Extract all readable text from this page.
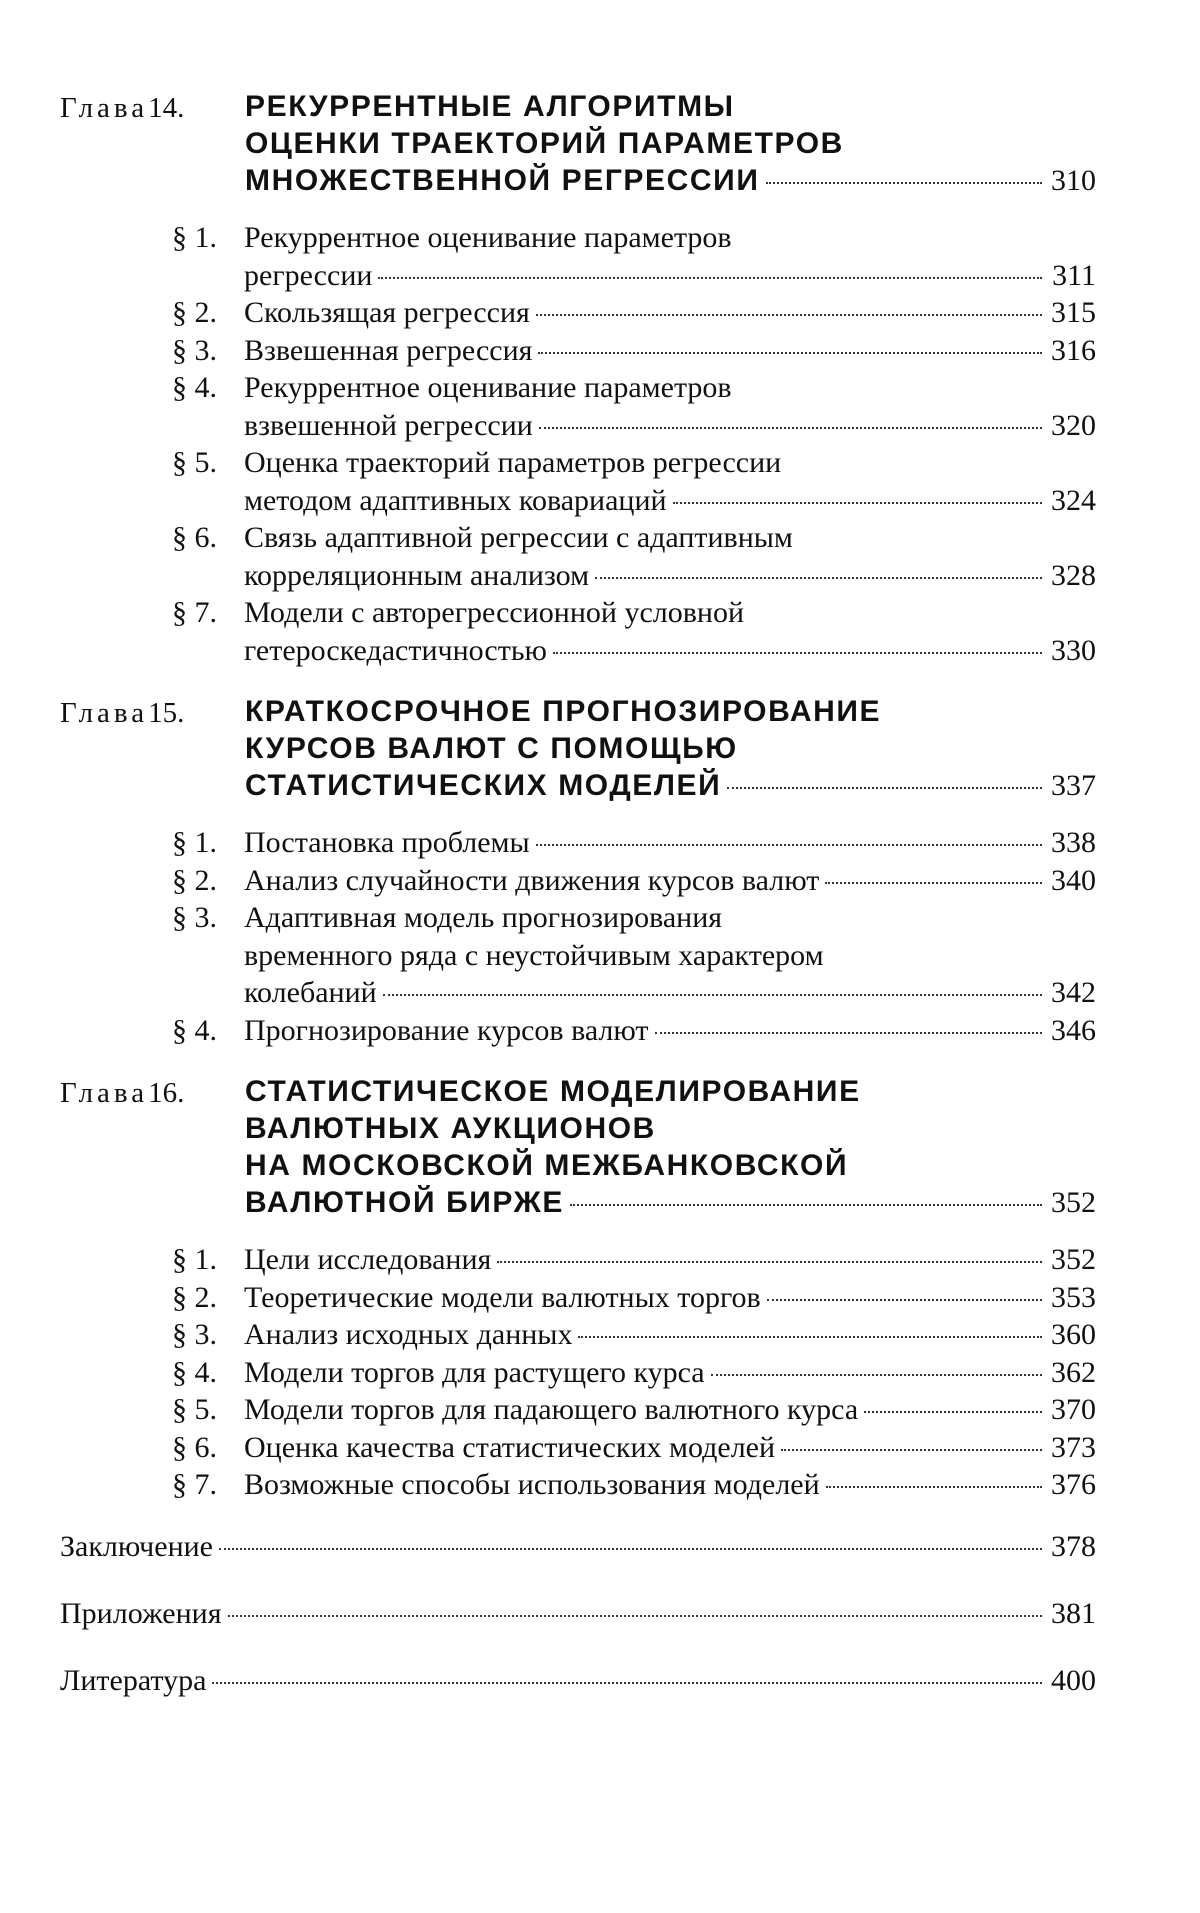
Глава14.	РЕКУРРЕНТНЫЕ АЛГОРИТМЫ
ОЦЕНКИ ТРАЕКТОРИЙ ПАРАМЕТРОВ
МНОЖЕСТВЕННОЙ РЕГРЕССИИ	310
§ 1. Рекуррентное оценивание параметров
регрессии	311
§ 2. Скользящая регрессия	315
§ 3. Взвешенная регрессия	316
§ 4. Рекуррентное оценивание параметров
взвешенной регрессии	320
§ 5. Оценка траекторий параметров регрессии
методом адаптивных ковариаций	324
§ 6. Связь адаптивной регрессии с адаптивным
корреляционным анализом	328
§ 7. Модели с авторегрессионной условной
гетероскедастичностью	330
Глава15.	КРАТКОСРОЧНОЕ ПРОГНОЗИРОВАНИЕ
КУРСОВ ВАЛЮТ С ПОМОЩЬЮ
СТАТИСТИЧЕСКИХ МОДЕЛЕЙ	337
§ 1. Постановка проблемы	338
§ 2. Анализ случайности движения курсов валют	340
§ 3. Адаптивная модель прогнозирования
временного ряда с неустойчивым характером
колебаний	342
§ 4. Прогнозирование курсов валют	346
Глава16.	СТАТИСТИЧЕСКОЕ МОДЕЛИРОВАНИЕ
ВАЛЮТНЫХ АУКЦИОНОВ
НА МОСКОВСКОЙ МЕЖБАНКОВСКОЙ
ВАЛЮТНОЙ БИРЖЕ	352
§ 1. Цели исследования	352
§ 2. Теоретические модели валютных торгов	353
§ 3. Анализ исходных данных	360
§ 4. Модели торгов для растущего курса	362
§ 5. Модели торгов для падающего валютного курса	370
§ 6. Оценка качества статистических моделей	373
§ 7. Возможные способы использования моделей	376
Заключение	378
Приложения	381
Литература	400
